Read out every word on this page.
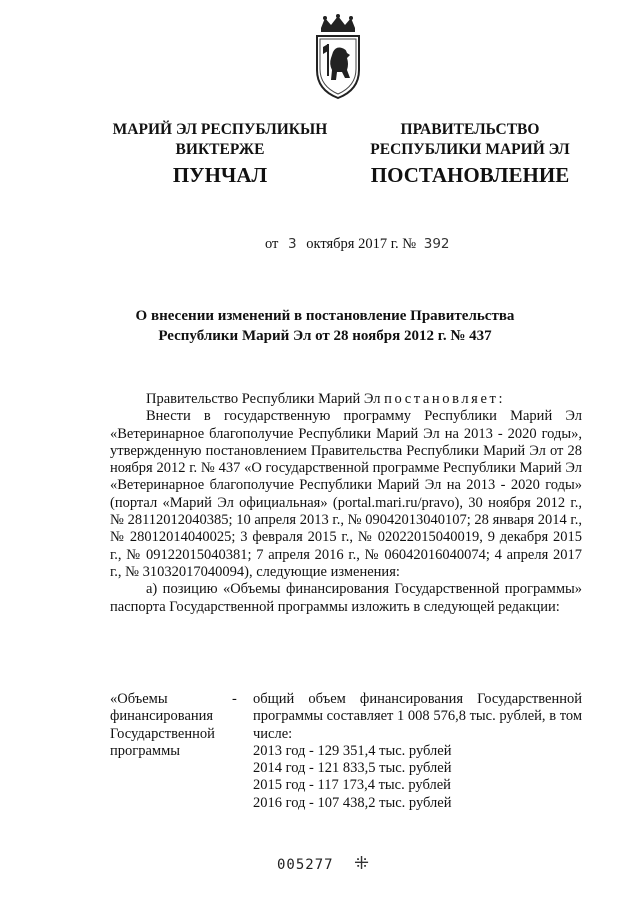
МАРИЙ ЭЛ РЕСПУБЛИКЫН
ВИКТЕРЖЕ
ПУНЧАЛ
ПРАВИТЕЛЬСТВО
РЕСПУБЛИКИ МАРИЙ ЭЛ
ПОСТАНОВЛЕНИЕ
от 3 октября 2017 г. № 392
О внесении изменений в постановление Правительства
Республики Марий Эл от 28 ноября 2012 г. № 437

Правительство Республики Марий Эл постановляет:

Внести в государственную программу Республики Марий Эл «Ветеринарное благополучие Республики Марий Эл на 2013 - 2020 годы», утвержденную постановлением Правительства Республики Марий Эл от 28 ноября 2012 г. № 437 «О государственной программе Республики Марий Эл «Ветеринарное благополучие Республики Марий Эл на 2013 - 2020 годы» (портал «Марий Эл официальная» (portal.mari.ru/pravo), 30 ноября 2012 г., № 28112012040385; 10 апреля 2013 г., № 09042013040107; 28 января 2014 г., № 28012014040025; 3 февраля 2015 г., № 02022015040019, 9 декабря 2015 г., № 09122015040381; 7 апреля 2016 г., № 06042016040074; 4 апреля 2017 г., № 31032017040094), следующие изменения:

а) позицию «Объемы финансирования Государственной программы» паспорта Государственной программы изложить в следующей редакции:

«Объемы финансирования Государственной программы
- общий объем финансирования Государственной программы составляет 1 008 576,8 тыс. рублей, в том числе:
2013 год - 129 351,4 тыс. рублей
2014 год - 121 833,5 тыс. рублей
2015 год - 117 173,4 тыс. рублей
2016 год - 107 438,2 тыс. рублей
005277 ⁜
